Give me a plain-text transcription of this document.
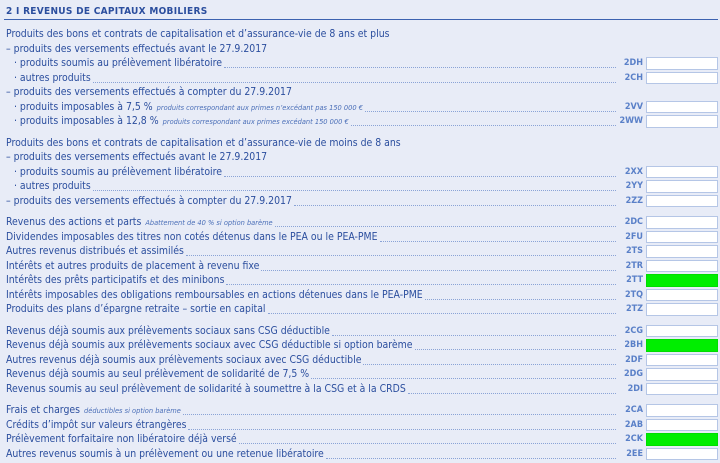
2 I REVENUS DE CAPITAUX MOBILIERS
Produits des bons et contrats de capitalisation et d’assurance-vie de 8 ans et plus
– produits des versements effectués avant le 27.9.2017
· produits soumis au prélèvement libératoire	2DH
· autres produits	2CH
– produits des versements effectués à compter du 27.9.2017
· produits imposables à 7,5 % produits correspondant aux primes n’excédant pas 150 000 €	2VV
· produits imposables à 12,8 % produits correspondant aux primes excédant 150 000 €	2WW
Produits des bons et contrats de capitalisation et d’assurance-vie de moins de 8 ans
– produits des versements effectués avant le 27.9.2017
· produits soumis au prélèvement libératoire	2XX
· autres produits	2YY
– produits des versements effectués à compter du 27.9.2017	2ZZ
Revenus des actions et parts Abattement de 40 % si option barème	2DC
Dividendes imposables des titres non cotés détenus dans le PEA ou le PEA-PME	2FU
Autres revenus distribués et assimilés	2TS
Intérêts et autres produits de placement à revenu fixe	2TR
Intérêts des prêts participatifs et des minibons	2TT
Intérêts imposables des obligations remboursables en actions détenues dans le PEA-PME	2TQ
Produits des plans d’épargne retraite – sortie en capital	2TZ
Revenus déjà soumis aux prélèvements sociaux sans CSG déductible	2CG
Revenus déjà soumis aux prélèvements sociaux avec CSG déductible si option barème	2BH
Autres revenus déjà soumis aux prélèvements sociaux avec CSG déductible	2DF
Revenus déjà soumis au seul prélèvement de solidarité de 7,5 %	2DG
Revenus soumis au seul prélèvement de solidarité à soumettre à la CSG et à la CRDS	2DI
Frais et charges déductibles si option barème	2CA
Crédits d’impôt sur valeurs étrangères	2AB
Prélèvement forfaitaire non libératoire déjà versé	2CK
Autres revenus soumis à un prélèvement ou une retenue libératoire	2EE
